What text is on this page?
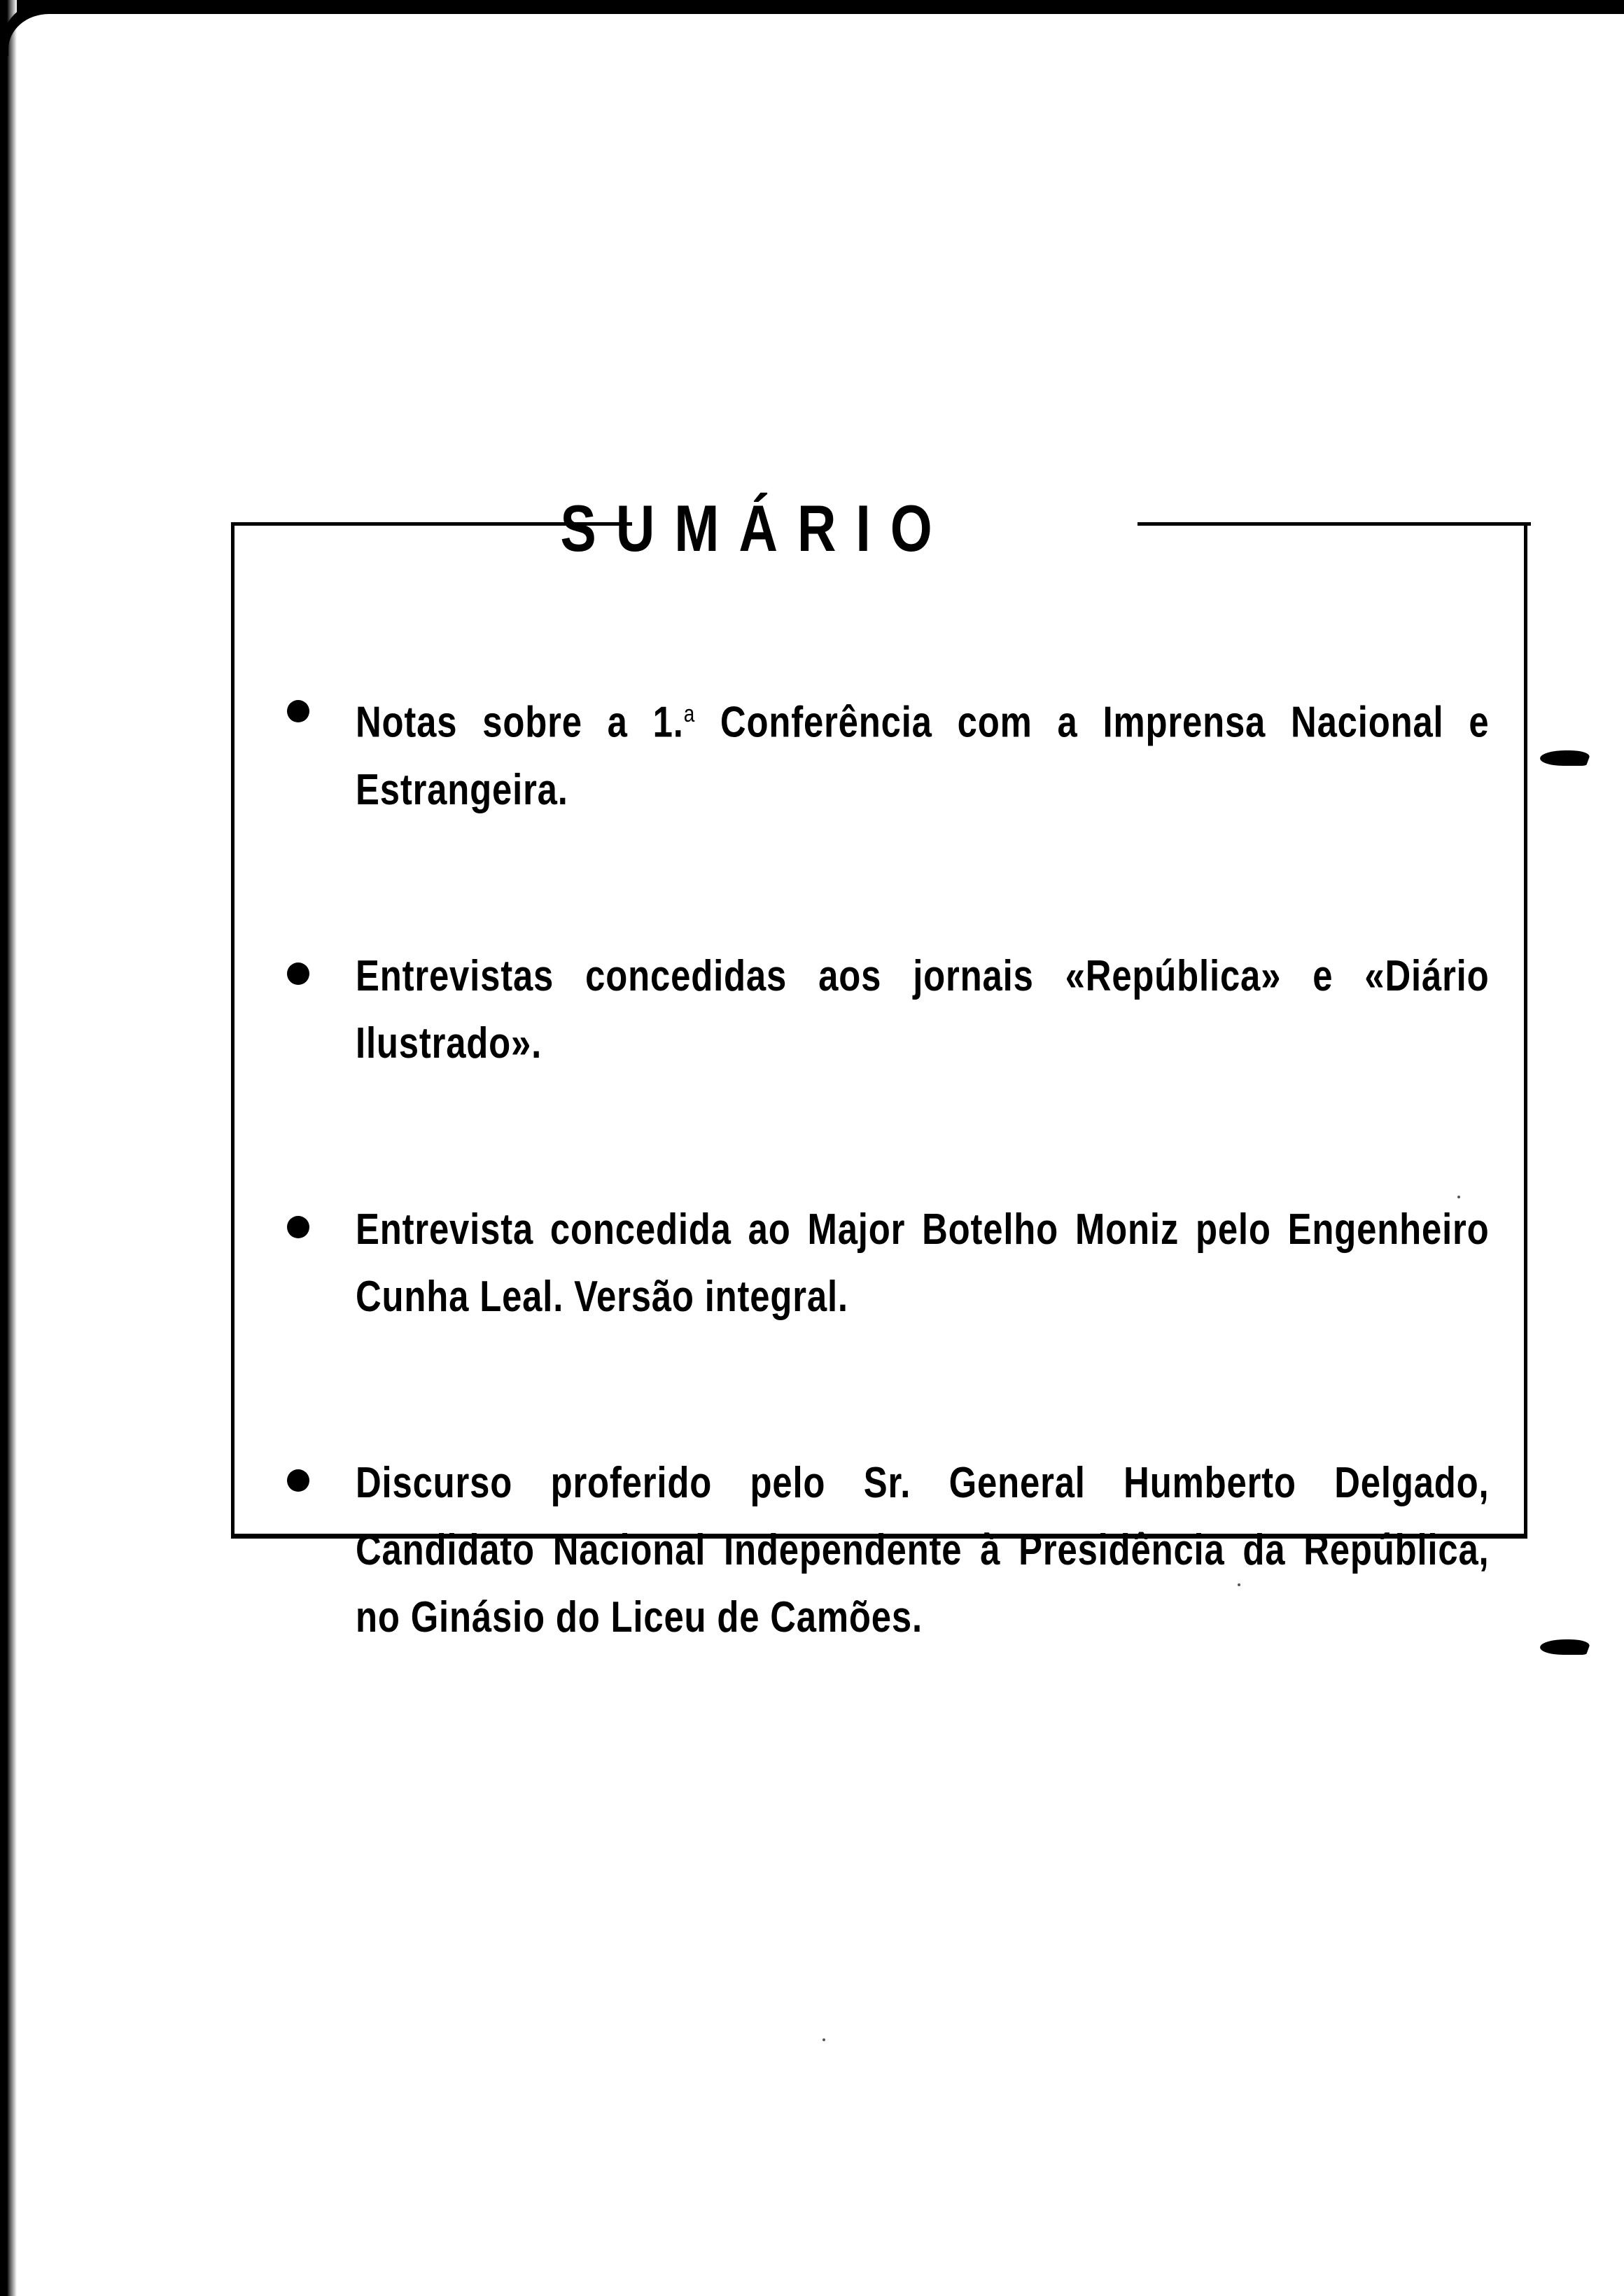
SUMÁRIO
Notas sobre a 1.$^a$ Conferência com a Imprensa Nacional e Estrangeira.
Entrevistas concedidas aos jornais «República» e «Diário Ilustrado».
Entrevista concedida ao Major Botelho Moniz pelo Engenheiro Cunha Leal. Versão integral.
Discurso proferido pelo Sr. General Humberto Delgado, Candidato Nacional Independente à Presidência da República, no Ginásio do Liceu de Camões.
